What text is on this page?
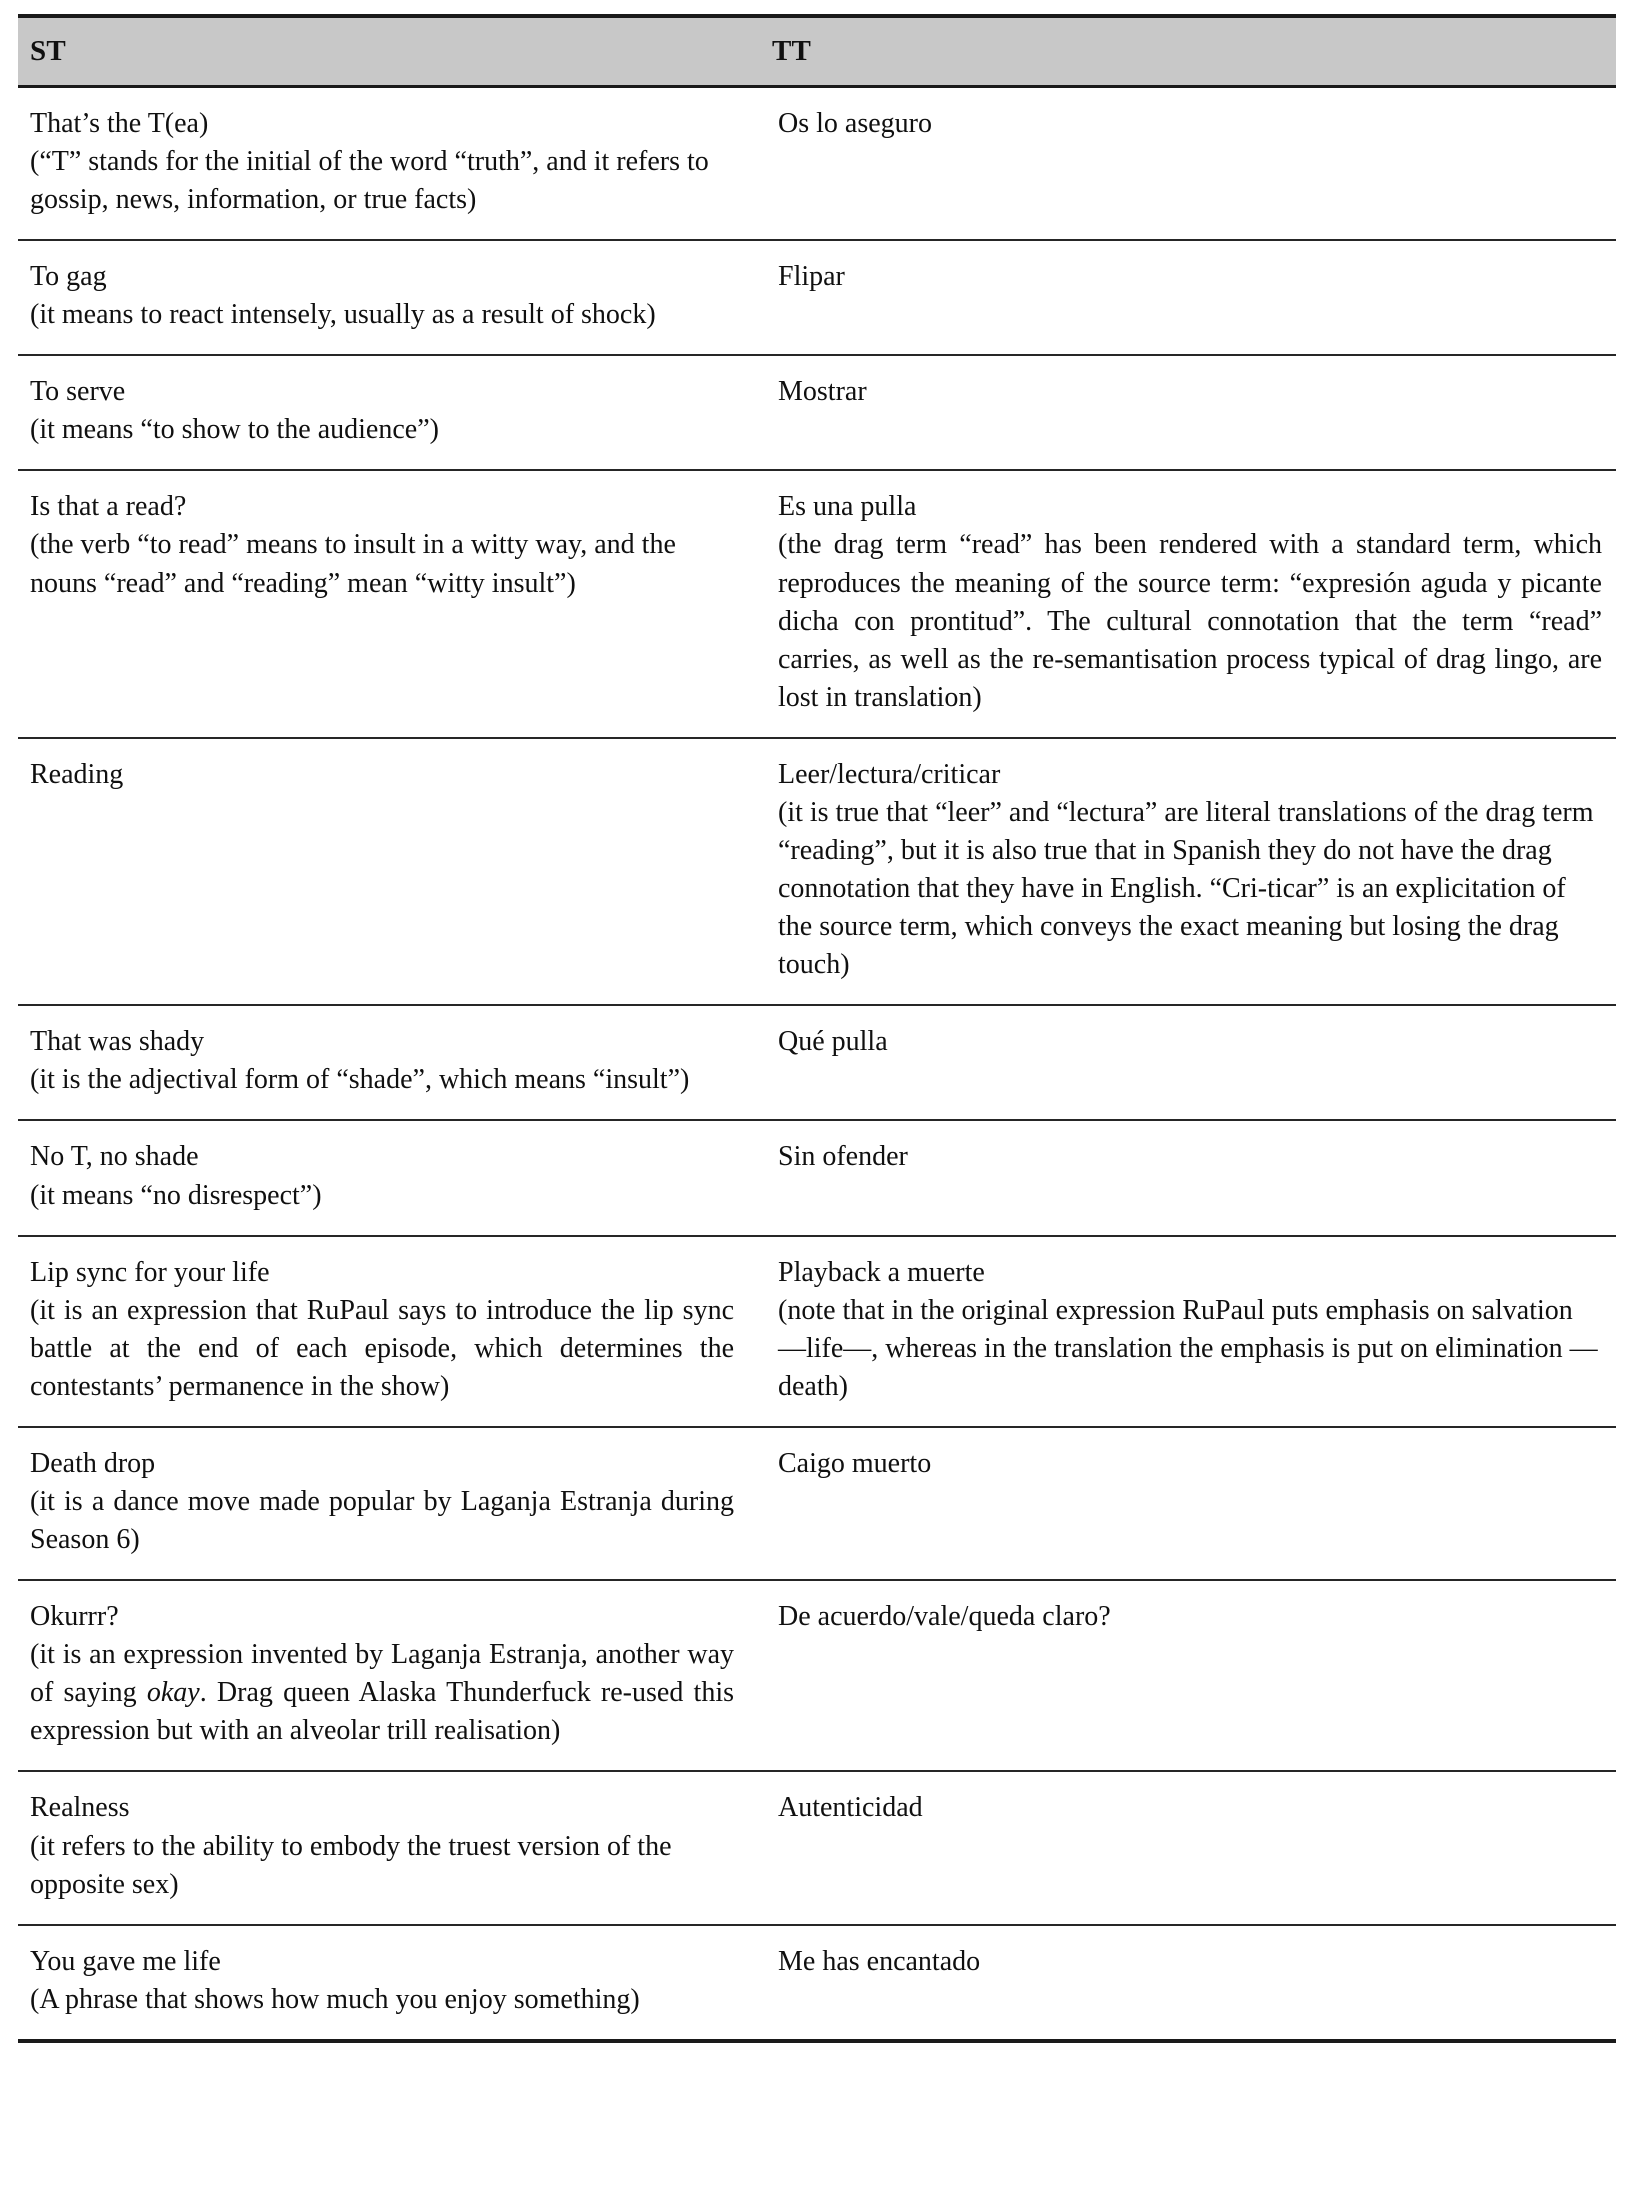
ST	TT

That’s the T(ea)
(“T” stands for the initial of the word “truth”, and it refers to gossip, news, information, or true facts)	Os lo aseguro

To gag
(it means to react intensely, usually as a result of shock)	Flipar

To serve
(it means “to show to the audience”)	Mostrar

Is that a read?
(the verb “to read” means to insult in a witty way, and the nouns “read” and “reading” mean “witty insult”)	Es una pulla
(the drag term “read” has been rendered with a standard term, which reproduces the meaning of the source term: “expresión aguda y picante dicha con prontitud”. The cultural connotation that the term “read” carries, as well as the re-semantisation process typical of drag lingo, are lost in translation)

Reading	Leer/lectura/criticar
(it is true that “leer” and “lectura” are literal translations of the drag term “reading”, but it is also true that in Spanish they do not have the drag connotation that they have in English. “Cri-ticar” is an explicitation of the source term, which conveys the exact meaning but losing the drag touch)

That was shady
(it is the adjectival form of “shade”, which means “insult”)	Qué pulla

No T, no shade
(it means “no disrespect”)	Sin ofender

Lip sync for your life
(it is an expression that RuPaul says to introduce the lip sync battle at the end of each episode, which determines the contestants’ permanence in the show)	Playback a muerte
(note that in the original expression RuPaul puts emphasis on salvation —life—, whereas in the translation the emphasis is put on elimination —death)

Death drop
(it is a dance move made popular by Laganja Estranja during Season 6)	Caigo muerto

Okurrr?
(it is an expression invented by Laganja Estranja, another way of saying okay. Drag queen Alaska Thunderfuck re-used this expression but with an alveolar trill realisation)	De acuerdo/vale/queda claro?

Realness
(it refers to the ability to embody the truest version of the opposite sex)	Autenticidad

You gave me life
(A phrase that shows how much you enjoy something)	Me has encantado
